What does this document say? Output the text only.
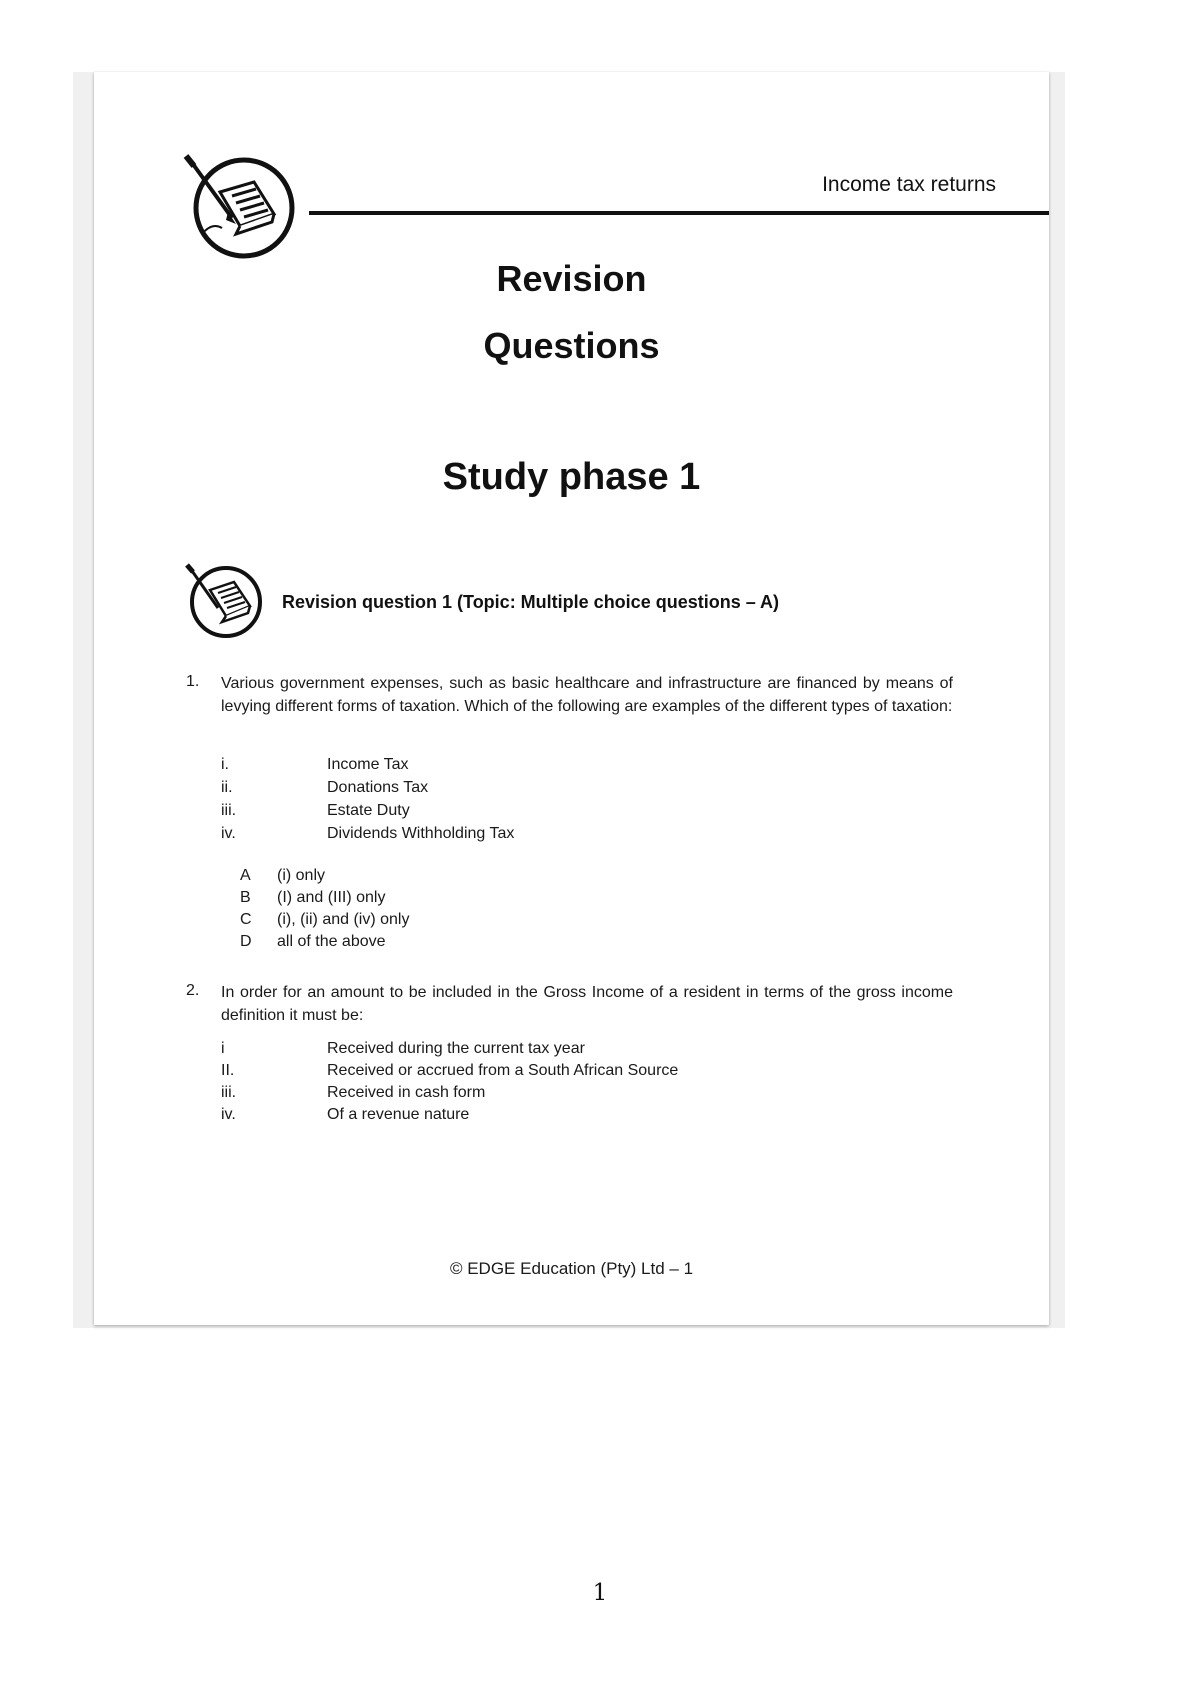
Income tax returns
Revision
Questions
Study phase 1
Revision question 1 (Topic: Multiple choice questions – A)
1. Various government expenses, such as basic healthcare and infrastructure are financed by means of levying different forms of taxation. Which of the following are examples of the different types of taxation:
i.	Income Tax
ii.	Donations Tax
iii.	Estate Duty
iv.	Dividends Withholding Tax
A (i) only
B (I) and (III) only
C (i), (ii) and (iv) only
D all of the above
2. In order for an amount to be included in the Gross Income of a resident in terms of the gross income definition it must be:
i	Received during the current tax year
II.	Received or accrued from a South African Source
iii.	Received in cash form
iv.	Of a revenue nature
© EDGE Education (Pty) Ltd – 1
1
